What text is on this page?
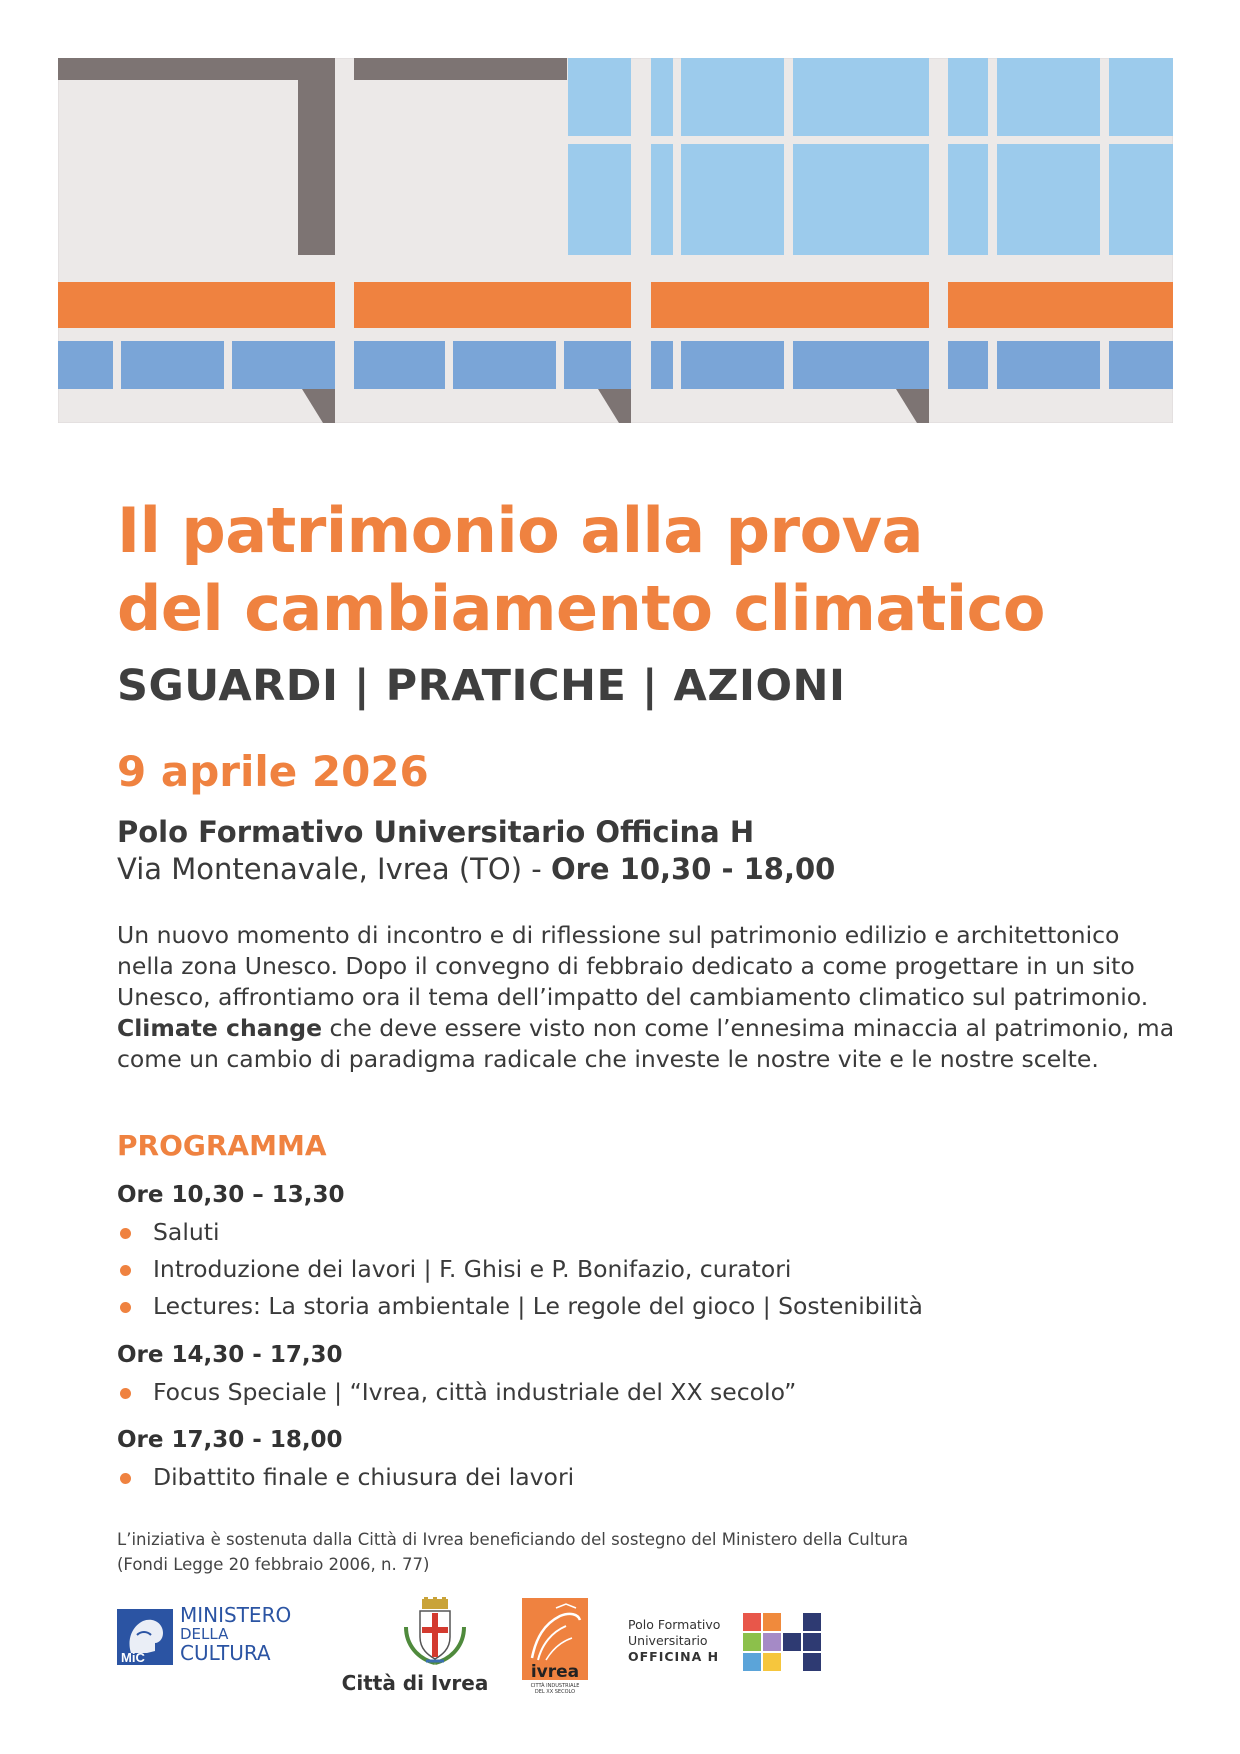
Il patrimonio alla prova
del cambiamento climatico
SGUARDI | PRATICHE | AZIONI
9 aprile 2026
Polo Formativo Universitario Officina H
Via Montenavale, Ivrea (TO) - Ore 10,30 - 18,00

Un nuovo momento di incontro e di riflessione sul patrimonio edilizio e architettonico nella zona Unesco. Dopo il convegno di febbraio dedicato a come progettare in un sito Unesco, affrontiamo ora il tema dell’impatto del cambiamento climatico sul patrimonio. Climate change che deve essere visto non come l’ennesima minaccia al patrimonio, ma come un cambio di paradigma radicale che investe le nostre vite e le nostre scelte.

PROGRAMMA

Ore 10,30 – 13,30

Saluti
Introduzione dei lavori | F. Ghisi e P. Bonifazio, curatori
Lectures: La storia ambientale | Le regole del gioco | Sostenibilità

Ore 14,30 - 17,30

Focus Speciale | “Ivrea, città industriale del XX secolo”

Ore 17,30 - 18,00

Dibattito finale e chiusura dei lavori

L’iniziativa è sostenuta dalla Città di Ivrea beneficiando del sostegno del Ministero della Cultura
(Fondi Legge 20 febbraio 2006, n. 77)

MiC
MINISTERO
DELLA
CULTURA
Città di Ivrea	ivrea
CITTÀ INDUSTRIALE
DEL XX SECOLO
Polo Formativo
Universitario
OFFICINA H
